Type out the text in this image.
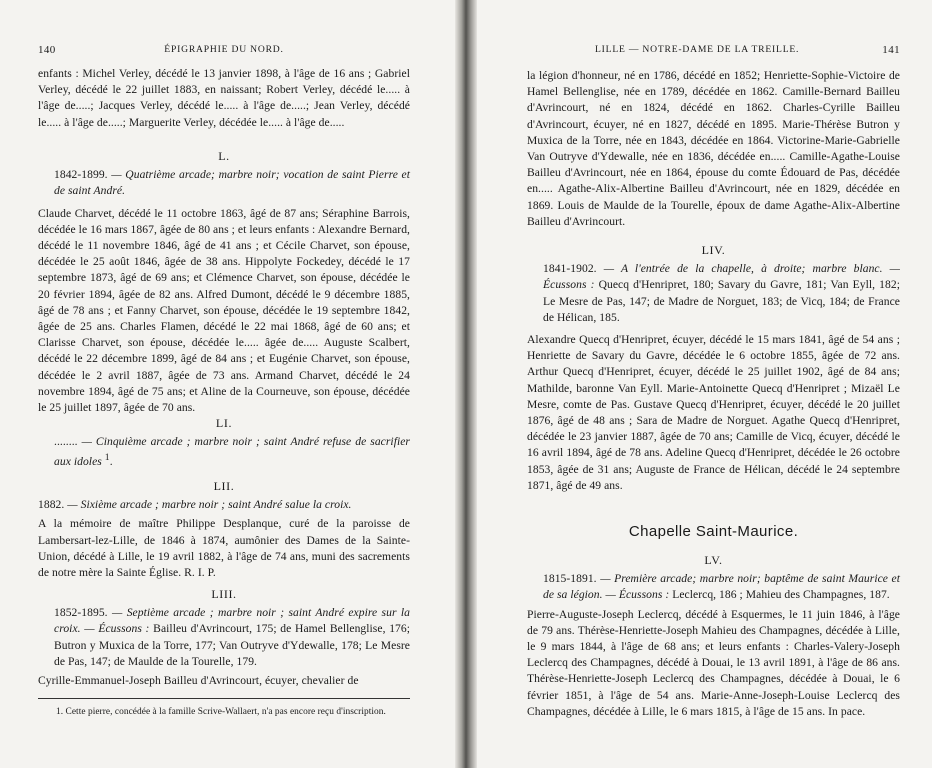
140	ÉPIGRAPHIE DU NORD.

enfants : Michel Verley, décédé le 13 janvier 1898, à l'âge de 16 ans ; Gabriel Verley, décédé le 22 juillet 1883, en naissant; Robert Verley, décédé le..... à l'âge de.....; Jacques Verley, décédé le..... à l'âge de.....; Jean Verley, décédé le..... à l'âge de.....; Marguerite Verley, décédée le..... à l'âge de.....

L.

1842-1899. — Quatrième arcade; marbre noir; vocation de saint Pierre et de saint André.

Claude Charvet, décédé le 11 octobre 1863, âgé de 87 ans; Séraphine Barrois, décédée le 16 mars 1867, âgée de 80 ans ; et leurs enfants : Alexandre Bernard, décédé le 11 novembre 1846, âgé de 41 ans ; et Cécile Charvet, son épouse, décédée le 25 août 1846, âgée de 38 ans. Hippolyte Fockedey, décédé le 17 septembre 1873, âgé de 69 ans; et Clémence Charvet, son épouse, décédée le 20 février 1894, âgée de 82 ans. Alfred Dumont, décédé le 9 décembre 1885, âgé de 78 ans ; et Fanny Charvet, son épouse, décédée le 19 septembre 1842, âgée de 25 ans. Charles Flamen, décédé le 22 mai 1868, âgé de 60 ans; et Clarisse Charvet, son épouse, décédée le..... âgée de..... Auguste Scalbert, décédé le 22 décembre 1899, âgé de 84 ans ; et Eugénie Charvet, son épouse, décédée le 2 avril 1887, âgée de 73 ans. Armand Charvet, décédé le 24 novembre 1894, âgé de 75 ans; et Aline de la Courneuve, son épouse, décédée le 25 juillet 1897, âgée de 70 ans.

LI.

........ — Cinquième arcade ; marbre noir ; saint André refuse de sacrifier aux idoles $^1$.

LII.

1882. — Sixième arcade ; marbre noir ; saint André salue la croix.

A la mémoire de maître Philippe Desplanque, curé de la paroisse de Lambersart-lez-Lille, de 1846 à 1874, aumônier des Dames de la Sainte-Union, décédé à Lille, le 19 avril 1882, à l'âge de 74 ans, muni des sacrements de notre mère la Sainte Église. R. I. P.

LIII.

1852-1895. — Septième arcade ; marbre noir ; saint André expire sur la croix. — Écussons : Bailleu d'Avrincourt, 175; de Hamel Bellenglise, 176; Butron y Muxica de la Torre, 177; Van Outryve d'Ydewalle, 178; Le Mesre de Pas, 147; de Maulde de la Tourelle, 179.

Cyrille-Emmanuel-Joseph Bailleu d'Avrincourt, écuyer, chevalier de

1. Cette pierre, concédée à la famille Scrive-Wallaert, n'a pas encore reçu d'inscription.

LILLE — NOTRE-DAME DE LA TREILLE.	141

la légion d'honneur, né en 1786, décédé en 1852; Henriette-Sophie-Victoire de Hamel Bellenglise, née en 1789, décédée en 1862. Camille-Bernard Bailleu d'Avrincourt, né en 1824, décédé en 1862. Charles-Cyrille Bailleu d'Avrincourt, écuyer, né en 1827, décédé en 1895. Marie-Thérèse Butron y Muxica de la Torre, née en 1843, décédée en 1864. Victorine-Marie-Gabrielle Van Outryve d'Ydewalle, née en 1836, décédée en..... Camille-Agathe-Louise Bailleu d'Avrincourt, née en 1864, épouse du comte Édouard de Pas, décédée en..... Agathe-Alix-Albertine Bailleu d'Avrincourt, née en 1829, décédée en 1869. Louis de Maulde de la Tourelle, époux de dame Agathe-Alix-Albertine Bailleu d'Avrincourt.

LIV.

1841-1902. — A l'entrée de la chapelle, à droite; marbre blanc. — Écussons : Quecq d'Henripret, 180; Savary du Gavre, 181; Van Eyll, 182; Le Mesre de Pas, 147; de Madre de Norguet, 183; de Vicq, 184; de France de Hélican, 185.

Alexandre Quecq d'Henripret, écuyer, décédé le 15 mars 1841, âgé de 54 ans ; Henriette de Savary du Gavre, décédée le 6 octobre 1855, âgée de 72 ans. Arthur Quecq d'Henripret, écuyer, décédé le 25 juillet 1902, âgé de 84 ans; Mathilde, baronne Van Eyll. Marie-Antoinette Quecq d'Henripret ; Mizaël Le Mesre, comte de Pas. Gustave Quecq d'Henripret, écuyer, décédé le 20 juillet 1876, âgé de 48 ans ; Sara de Madre de Norguet. Agathe Quecq d'Henripret, décédée le 23 janvier 1887, âgée de 70 ans; Camille de Vicq, écuyer, décédé le 16 avril 1894, âgé de 78 ans. Adeline Quecq d'Henripret, décédée le 26 octobre 1853, âgée de 31 ans; Auguste de France de Hélican, décédé le 24 septembre 1871, âgé de 49 ans.

Chapelle Saint-Maurice.

LV.

1815-1891. — Première arcade; marbre noir; baptême de saint Maurice et de sa légion. — Écussons : Leclercq, 186 ; Mahieu des Champagnes, 187.

Pierre-Auguste-Joseph Leclercq, décédé à Esquermes, le 11 juin 1846, à l'âge de 79 ans. Thérèse-Henriette-Joseph Mahieu des Champagnes, décédée à Lille, le 9 mars 1844, à l'âge de 68 ans; et leurs enfants : Charles-Valery-Joseph Leclercq des Champagnes, décédé à Douai, le 13 avril 1891, à l'âge de 86 ans. Thérèse-Henriette-Joseph Leclercq des Champagnes, décédée à Douai, le 6 février 1851, à l'âge de 54 ans. Marie-Anne-Joseph-Louise Leclercq des Champagnes, décédée à Lille, le 6 mars 1815, à l'âge de 15 ans. In pace.
